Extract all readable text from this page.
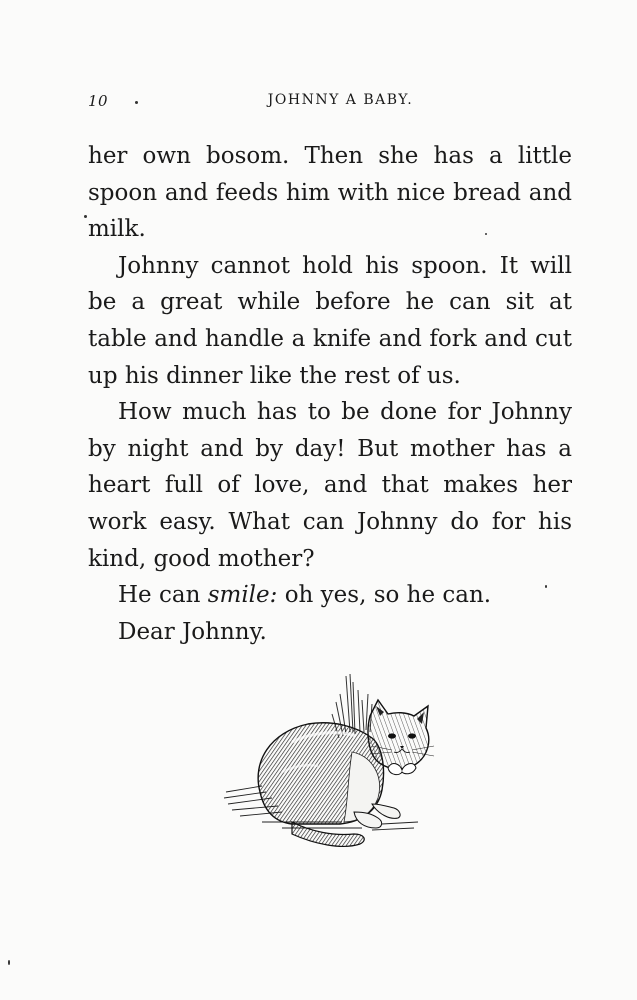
10	JOHNNY A BABY.

her own bosom. Then she has a little spoon and feeds him with nice bread and milk.

Johnny cannot hold his spoon. It will be a great while before he can sit at table and handle a knife and fork and cut up his dinner like the rest of us.

How much has to be done for Johnny by night and by day! But mother has a heart full of love, and that makes her work easy. What can Johnny do for his kind, good mother?

He can smile: oh yes, so he can.

Dear Johnny.
